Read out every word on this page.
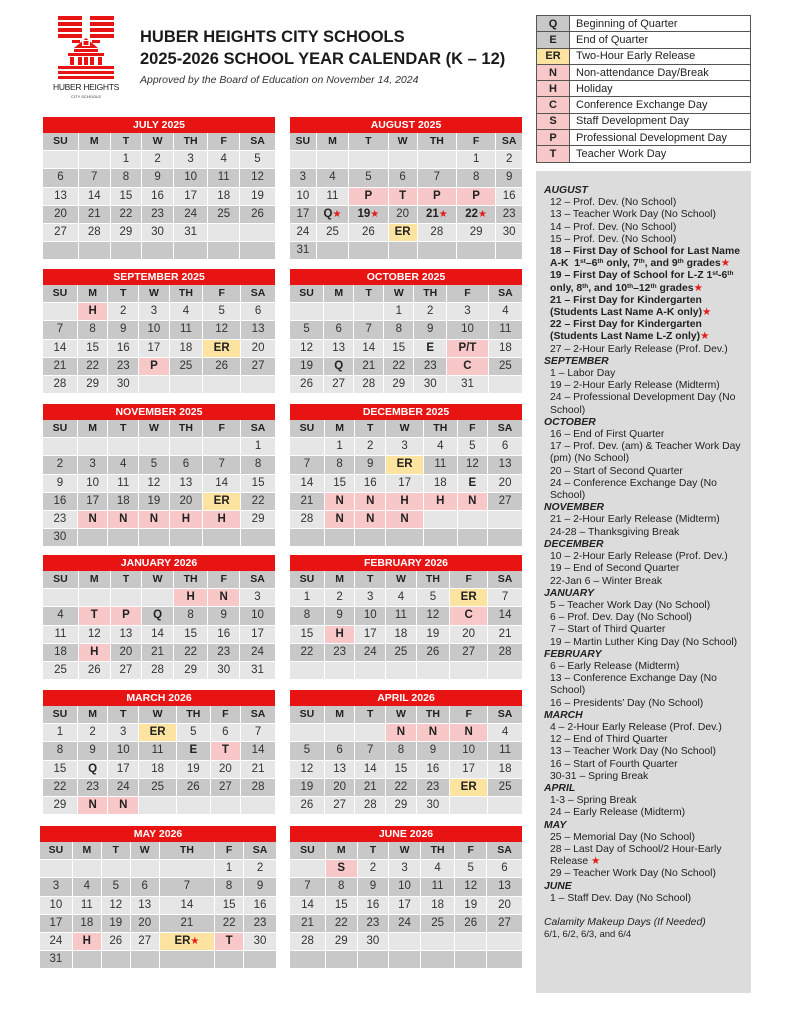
HUBER HEIGHTS
CITY SCHOOLS
HUBER HEIGHTS CITY SCHOOLS
2025-2026 SCHOOL YEAR CALENDAR (K – 12)
Approved by the Board of Education on November 14, 2024
Q	Beginning of Quarter
E	End of Quarter
ER	Two-Hour Early Release
N	Non-attendance Day/Break
H	Holiday
C	Conference Exchange Day
S	Staff Development Day
P	Professional Development Day
T	Teacher Work Day
JULY 2025
SU	M	T	W	TH	F	SA
		1	2	3	4	5
6	7	8	9	10	11	12
13	14	15	16	17	18	19
20	21	22	23	24	25	26
27	28	29	30	31		

AUGUST 2025
SU	M	T	W	TH	F	SA
					1	2
3	4	5	6	7	8	9
10	11	P	T	P	P	16
17	Q★	19★	20	21★	22★	23
24	25	26	ER	28	29	30
31						
SEPTEMBER 2025
SU	M	T	W	TH	F	SA
	H	2	3	4	5	6
7	8	9	10	11	12	13
14	15	16	17	18	ER	20
21	22	23	P	25	26	27
28	29	30				
OCTOBER 2025
SU	M	T	W	TH	F	SA
			1	2	3	4
5	6	7	8	9	10	11
12	13	14	15	E	P/T	18
19	Q	21	22	23	C	25
26	27	28	29	30	31	
NOVEMBER 2025
SU	M	T	W	TH	F	SA
						1
2	3	4	5	6	7	8
9	10	11	12	13	14	15
16	17	18	19	20	ER	22
23	N	N	N	H	H	29
30						
DECEMBER 2025
SU	M	T	W	TH	F	SA
	1	2	3	4	5	6
7	8	9	ER	11	12	13
14	15	16	17	18	E	20
21	N	N	H	H	N	27
28	N	N	N			

JANUARY 2026
SU	M	T	W	TH	F	SA
				H	N	3
4	T	P	Q	8	9	10
11	12	13	14	15	16	17
18	H	20	21	22	23	24
25	26	27	28	29	30	31
FEBRUARY 2026
SU	M	T	W	TH	F	SA
1	2	3	4	5	ER	7
8	9	10	11	12	C	14
15	H	17	18	19	20	21
22	23	24	25	26	27	28

MARCH 2026
SU	M	T	W	TH	F	SA
1	2	3	ER	5	6	7
8	9	10	11	E	T	14
15	Q	17	18	19	20	21
22	23	24	25	26	27	28
29	N	N				
APRIL 2026
SU	M	T	W	TH	F	SA
			N	N	N	4
5	6	7	8	9	10	11
12	13	14	15	16	17	18
19	20	21	22	23	ER	25
26	27	28	29	30		
MAY 2026
SU	M	T	W	TH	F	SA
					1	2
3	4	5	6	7	8	9
10	11	12	13	14	15	16
17	18	19	20	21	22	23
24	H	26	27	ER★	T	30
31						
JUNE 2026
SU	M	T	W	TH	F	SA
	S	2	3	4	5	6
7	8	9	10	11	12	13
14	15	16	17	18	19	20
21	22	23	24	25	26	27
28	29	30				

AUGUST
12 – Prof. Dev. (No School)
13 – Teacher Work Day (No School)
14 – Prof. Dev. (No School)
15 – Prof. Dev. (No School)
18 – First Day of School for Last Name A-K  1st–6th only, 7th, and 9th grades★
19 – First Day of School for L-Z 1st-6th only, 8th, and 10th–12th grades★
21 – First Day for Kindergarten (Students Last Name A-K only)★
22 – First Day for Kindergarten (Students Last Name L-Z only)★
27 – 2-Hour Early Release (Prof. Dev.)
SEPTEMBER
1 – Labor Day
19 – 2-Hour Early Release (Midterm)
24 – Professional Development Day (No School)
OCTOBER
16 – End of First Quarter
17 – Prof. Dev. (am) & Teacher Work Day (pm) (No School)
20 – Start of Second Quarter
24 – Conference Exchange Day (No School)
NOVEMBER
21 – 2-Hour Early Release (Midterm)
24-28 – Thanksgiving Break
DECEMBER
10 – 2-Hour Early Release (Prof. Dev.)
19 – End of Second Quarter
22-Jan 6 – Winter Break
JANUARY
5 – Teacher Work Day (No School)
6 – Prof. Dev. Day (No School)
7 – Start of Third Quarter
19 – Martin Luther King Day (No School)
FEBRUARY
6 – Early Release (Midterm)
13 – Conference Exchange Day (No School)
16 – Presidents’ Day (No School)
MARCH
4 – 2-Hour Early Release (Prof. Dev.)
12 – End of Third Quarter
13 – Teacher Work Day (No School)
16 – Start of Fourth Quarter
30-31 – Spring Break
APRIL
1-3 – Spring Break
24 – Early Release (Midterm)
MAY
25 – Memorial Day (No School)
28 – Last Day of School/2 Hour-Early Release ★
29 – Teacher Work Day (No School)
JUNE
1 – Staff Dev. Day (No School)
Calamity Makeup Days (If Needed)
6/1, 6/2, 6/3, and 6/4
